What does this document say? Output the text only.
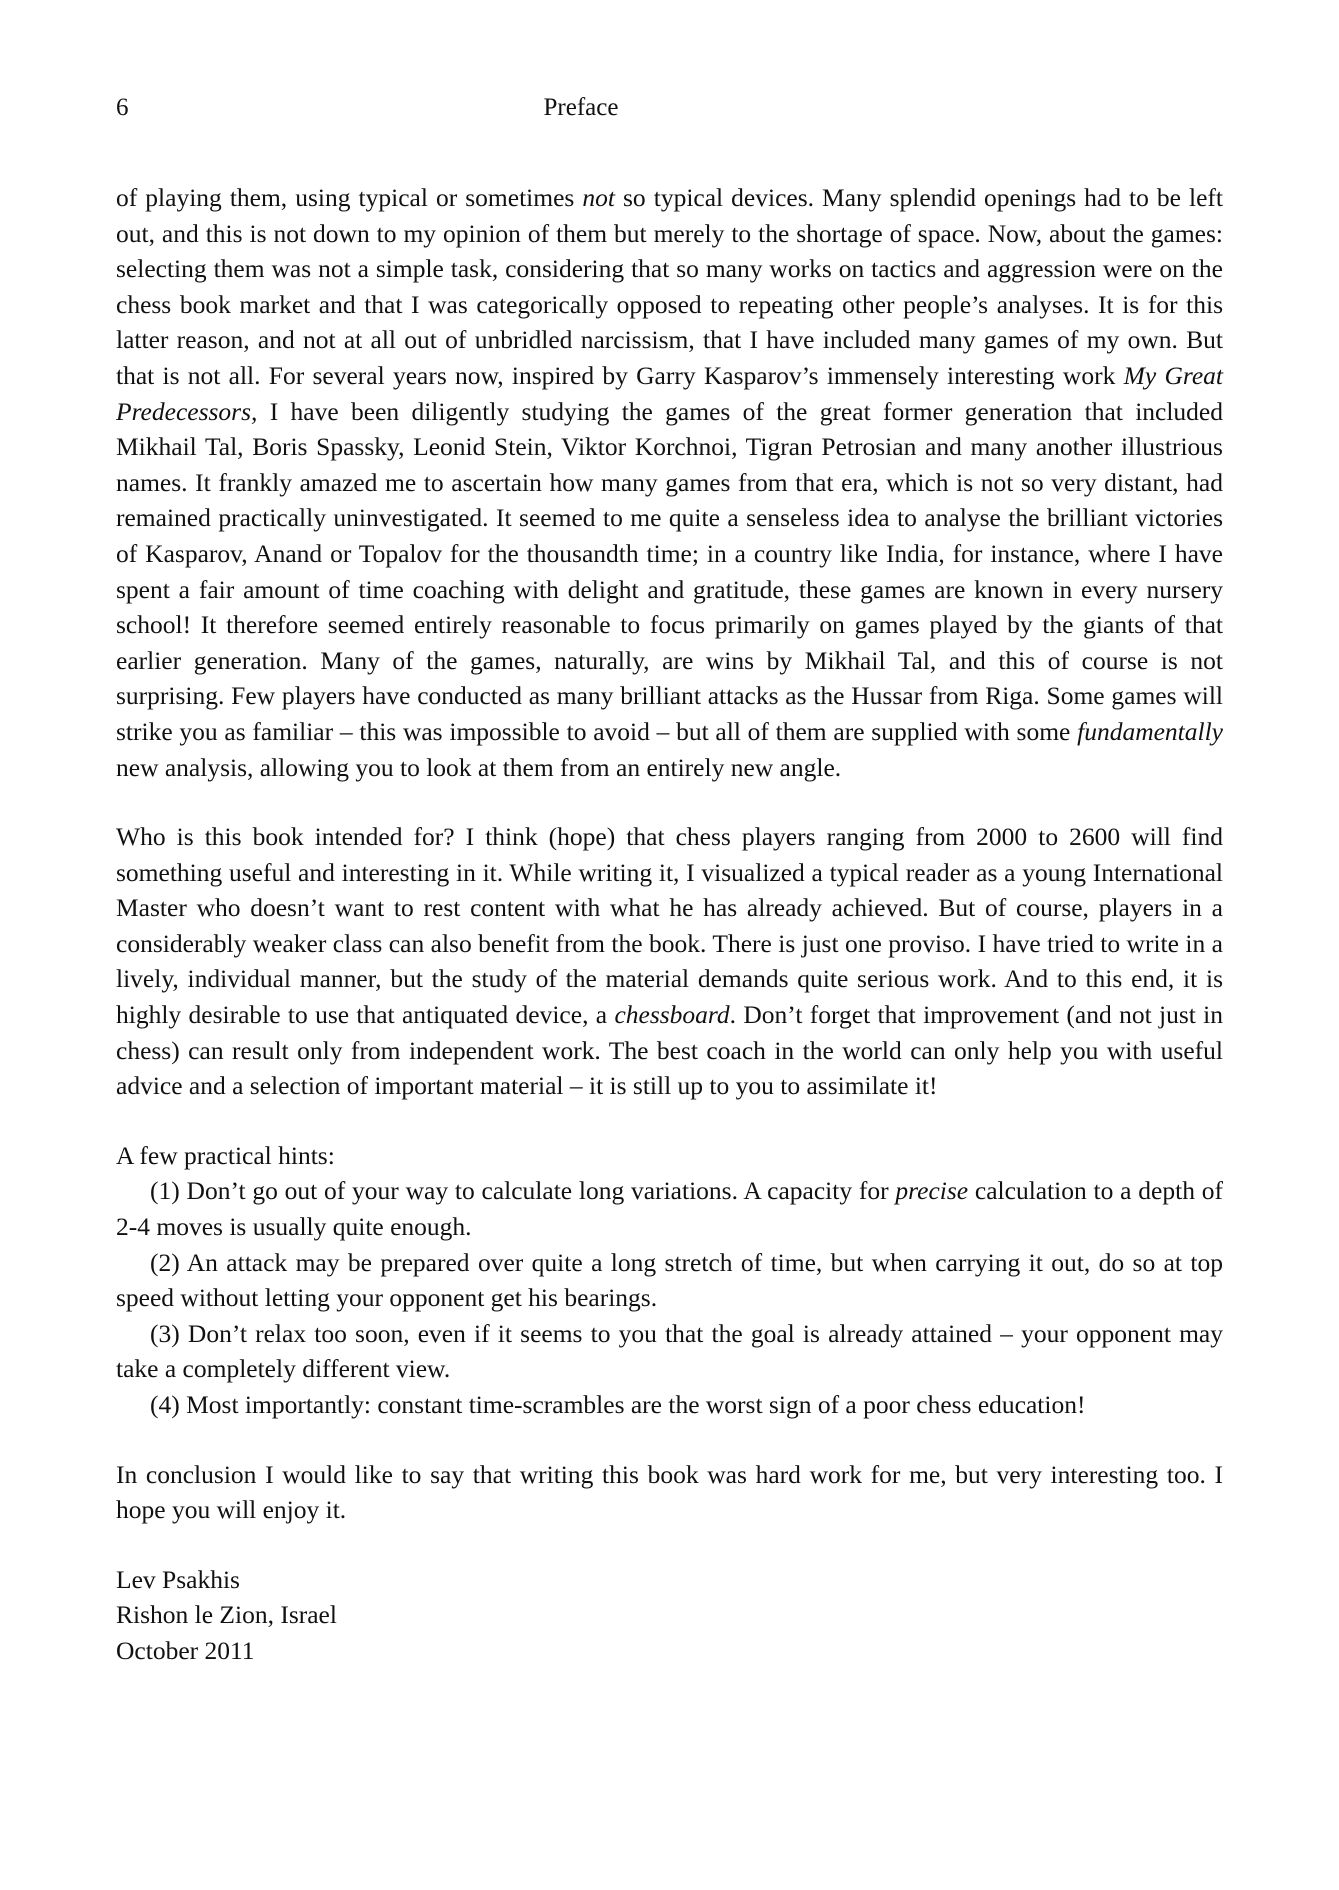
6	Preface

of playing them, using typical or sometimes not so typical devices. Many splendid openings had to be left out, and this is not down to my opinion of them but merely to the shortage of space. Now, about the games: selecting them was not a simple task, considering that so many works on tactics and aggression were on the chess book market and that I was categorically opposed to repeating other people’s analyses. It is for this latter reason, and not at all out of unbridled narcissism, that I have included many games of my own. But that is not all. For several years now, inspired by Garry Kasparov’s immensely interesting work My Great Predecessors, I have been diligently studying the games of the great former generation that included Mikhail Tal, Boris Spassky, Leonid Stein, Viktor Korchnoi, Tigran Petrosian and many another illustrious names. It frankly amazed me to ascertain how many games from that era, which is not so very distant, had remained practically uninvestigated. It seemed to me quite a senseless idea to analyse the brilliant victories of Kasparov, Anand or Topalov for the thousandth time; in a country like India, for instance, where I have spent a fair amount of time coaching with delight and gratitude, these games are known in every nursery school! It therefore seemed entirely reasonable to focus primarily on games played by the giants of that earlier generation. Many of the games, naturally, are wins by Mikhail Tal, and this of course is not surprising. Few players have conducted as many brilliant attacks as the Hussar from Riga. Some games will strike you as familiar – this was impossible to avoid – but all of them are supplied with some fundamentally new analysis, allowing you to look at them from an entirely new angle.

Who is this book intended for? I think (hope) that chess players ranging from 2000 to 2600 will find something useful and interesting in it. While writing it, I visualized a typical reader as a young International Master who doesn’t want to rest content with what he has already achieved. But of course, players in a considerably weaker class can also benefit from the book. There is just one proviso. I have tried to write in a lively, individual manner, but the study of the material demands quite serious work. And to this end, it is highly desirable to use that antiquated device, a chessboard. Don’t forget that improvement (and not just in chess) can result only from independent work. The best coach in the world can only help you with useful advice and a selection of important material – it is still up to you to assimilate it!

A few practical hints:

(1) Don’t go out of your way to calculate long variations. A capacity for precise calculation to a depth of 2-4 moves is usually quite enough.

(2) An attack may be prepared over quite a long stretch of time, but when carrying it out, do so at top speed without letting your opponent get his bearings.

(3) Don’t relax too soon, even if it seems to you that the goal is already attained – your opponent may take a completely different view.

(4) Most importantly: constant time-scrambles are the worst sign of a poor chess education!

In conclusion I would like to say that writing this book was hard work for me, but very interesting too. I hope you will enjoy it.

Lev Psakhis
Rishon le Zion, Israel
October 2011
